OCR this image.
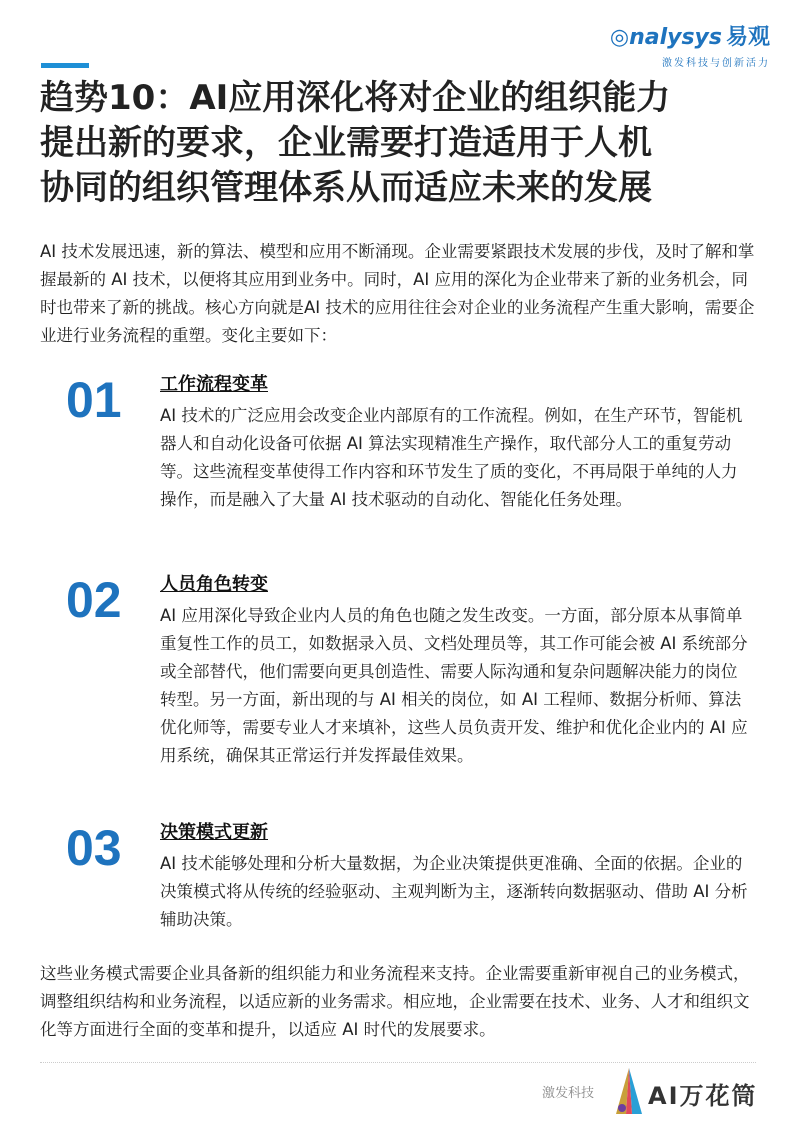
◎nalysys 易观
激发科技与创新活力
趋势10：AI应用深化将对企业的组织能力
提出新的要求，企业需要打造适用于人机
协同的组织管理体系从而适应未来的发展

AI 技术发展迅速，新的算法、模型和应用不断涌现。企业需要紧跟技术发展的步伐，及时了解和掌握最新的 AI 技术，以便将其应用到业务中。同时，AI 应用的深化为企业带来了新的业务机会，同时也带来了新的挑战。核心方向就是AI 技术的应用往往会对企业的业务流程产生重大影响，需要企业进行业务流程的重塑。变化主要如下：

01 工作流程变革

AI 技术的广泛应用会改变企业内部原有的工作流程。例如，在生产环节，智能机器人和自动化设备可依据 AI 算法实现精准生产操作，取代部分人工的重复劳动等。这些流程变革使得工作内容和环节发生了质的变化，不再局限于单纯的人力操作，而是融入了大量 AI 技术驱动的自动化、智能化任务处理。

02 人员角色转变

AI 应用深化导致企业内人员的角色也随之发生改变。一方面，部分原本从事简单重复性工作的员工，如数据录入员、文档处理员等，其工作可能会被 AI 系统部分或全部替代，他们需要向更具创造性、需要人际沟通和复杂问题解决能力的岗位转型。另一方面，新出现的与 AI 相关的岗位，如 AI 工程师、数据分析师、算法优化师等，需要专业人才来填补，这些人员负责开发、维护和优化企业内的 AI 应用系统，确保其正常运行并发挥最佳效果。

03 决策模式更新

AI 技术能够处理和分析大量数据，为企业决策提供更准确、全面的依据。企业的决策模式将从传统的经验驱动、主观判断为主，逐渐转向数据驱动、借助 AI 分析辅助决策。

这些业务模式需要企业具备新的组织能力和业务流程来支持。企业需要重新审视自己的业务模式，调整组织结构和业务流程，以适应新的业务需求。相应地，企业需要在技术、业务、人才和组织文化等方面进行全面的变革和提升，以适应 AI 时代的发展要求。

激发科技 AI万花筒
